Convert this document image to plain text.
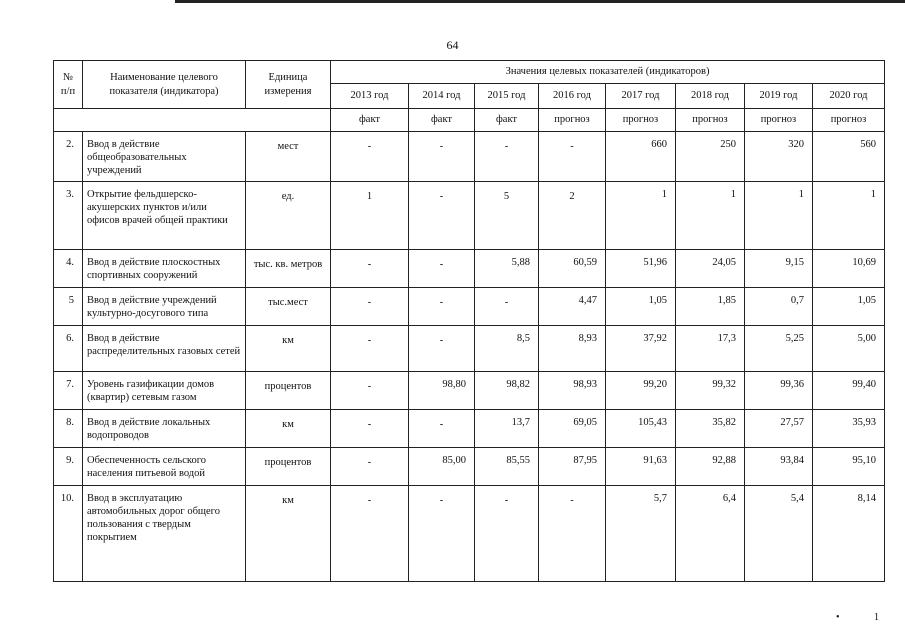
64
№ п/п	Наименование целевого показателя (индикатора)	Единица измерения	Значения целевых показателей (индикаторов)							
			2013 год	2014 год	2015 год	2016 год	2017 год	2018 год	2019 год	2020 год
			факт	факт	факт	прогноз	прогноз	прогноз	прогноз	прогноз
2.	Ввод в действие общеобразовательных учреждений	мест	-	-	-	-	660	250	320	560
3.	Открытие фельдшерско-акушерских пунктов и/или офисов врачей общей практики	ед.	1	-	5	2	1	1	1	1
4.	Ввод в действие плоскостных спортивных сооружений	тыс. кв. метров	-	-	5,88	60,59	51,96	24,05	9,15	10,69
5	Ввод в действие учреждений культурно-досугового типа	тыс.мест	-	-	-	4,47	1,05	1,85	0,7	1,05
6.	Ввод в действие распределительных газовых сетей	км	-	-	8,5	8,93	37,92	17,3	5,25	5,00
7.	Уровень газификации домов (квартир) сетевым газом	процентов	-	98,80	98,82	98,93	99,20	99,32	99,36	99,40
8.	Ввод в действие локальных водопроводов	км	-	-	13,7	69,05	105,43	35,82	27,57	35,93
9.	Обеспеченность сельского населения питьевой водой	процентов	-	85,00	85,55	87,95	91,63	92,88	93,84	95,10
10.	Ввод в эксплуатацию автомобильных дорог общего пользования с твердым покрытием	км	-	-	-	-	5,7	6,4	5,4	8,14
•	1
